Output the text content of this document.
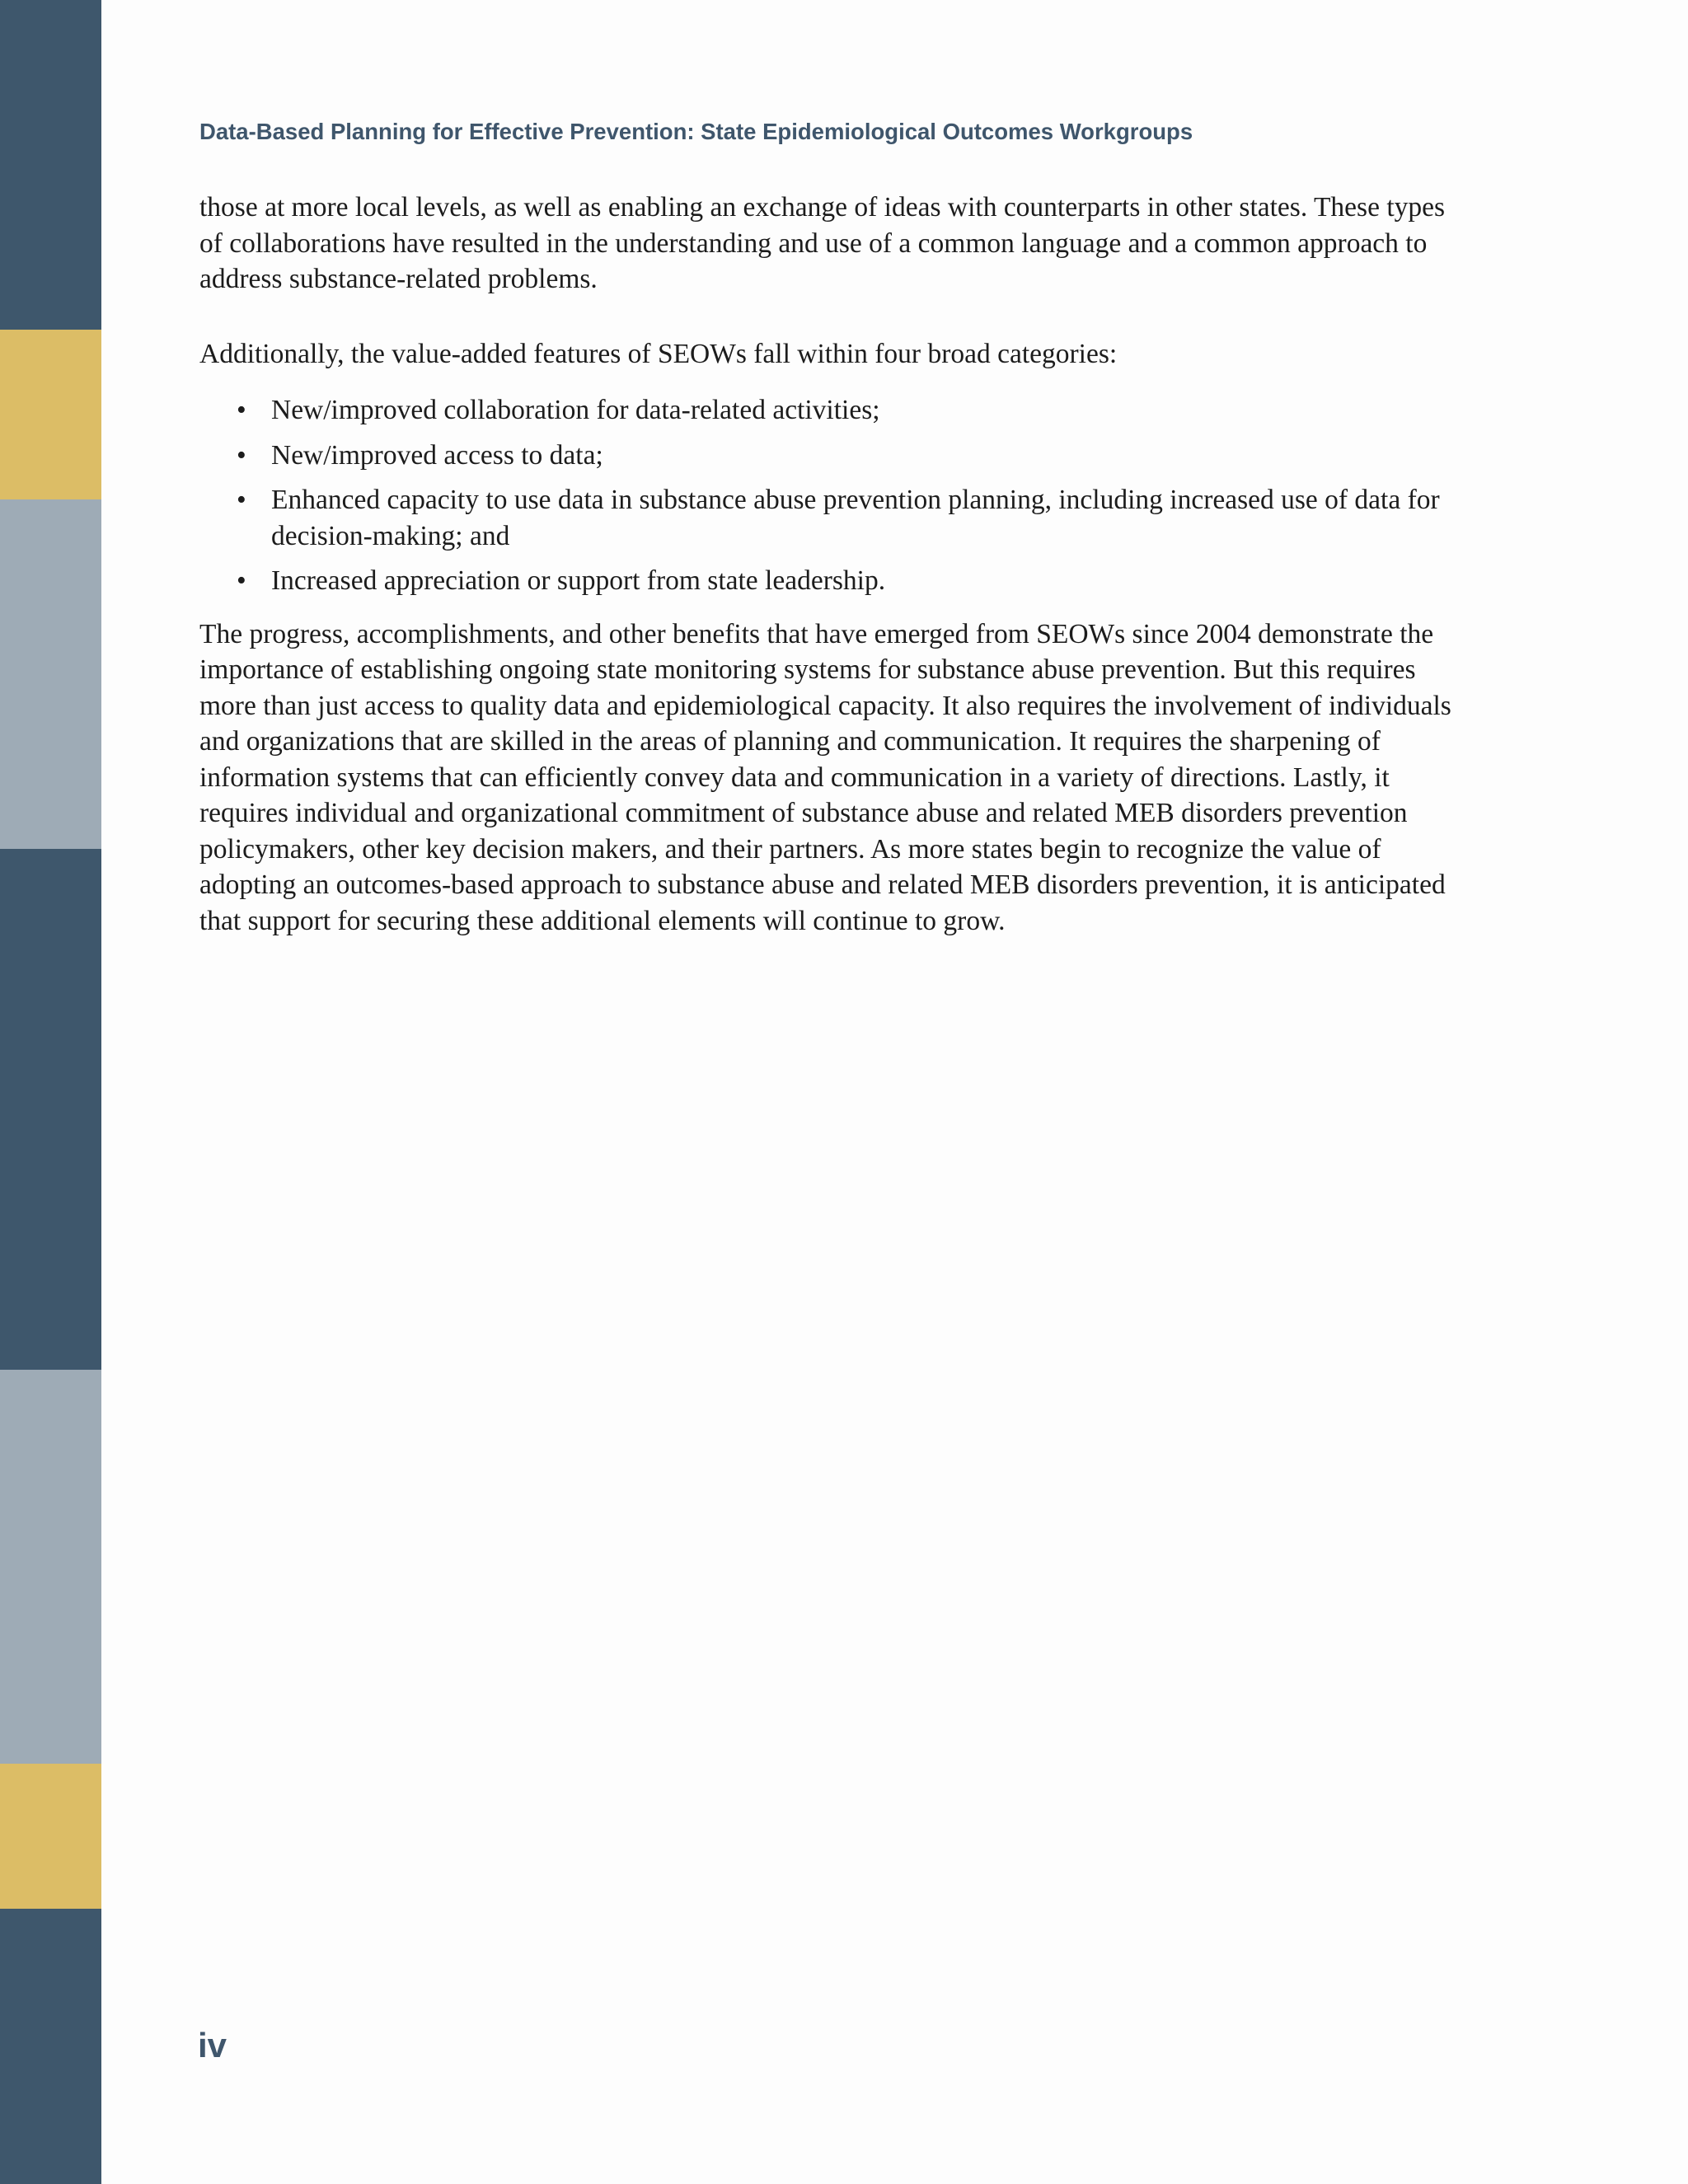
Data-Based Planning for Effective Prevention: State Epidemiological Outcomes Workgroups

those at more local levels, as well as enabling an exchange of ideas with counterparts in other states. These types of collaborations have resulted in the understanding and use of a common language and a common approach to address substance-related problems.

Additionally, the value-added features of SEOWs fall within four broad categories:

• New/improved collaboration for data-related activities;
• New/improved access to data;
• Enhanced capacity to use data in substance abuse prevention planning, including increased use of data for decision-making; and
• Increased appreciation or support from state leadership.

The progress, accomplishments, and other benefits that have emerged from SEOWs since 2004 demonstrate the importance of establishing ongoing state monitoring systems for substance abuse prevention. But this requires more than just access to quality data and epidemiological capacity. It also requires the involvement of individuals and organizations that are skilled in the areas of planning and communication. It requires the sharpening of information systems that can efficiently convey data and communication in a variety of directions. Lastly, it requires individual and organizational commitment of substance abuse and related MEB disorders prevention policymakers, other key decision makers, and their partners. As more states begin to recognize the value of adopting an outcomes-based approach to substance abuse and related MEB disorders prevention, it is anticipated that support for securing these additional elements will continue to grow.

iv
